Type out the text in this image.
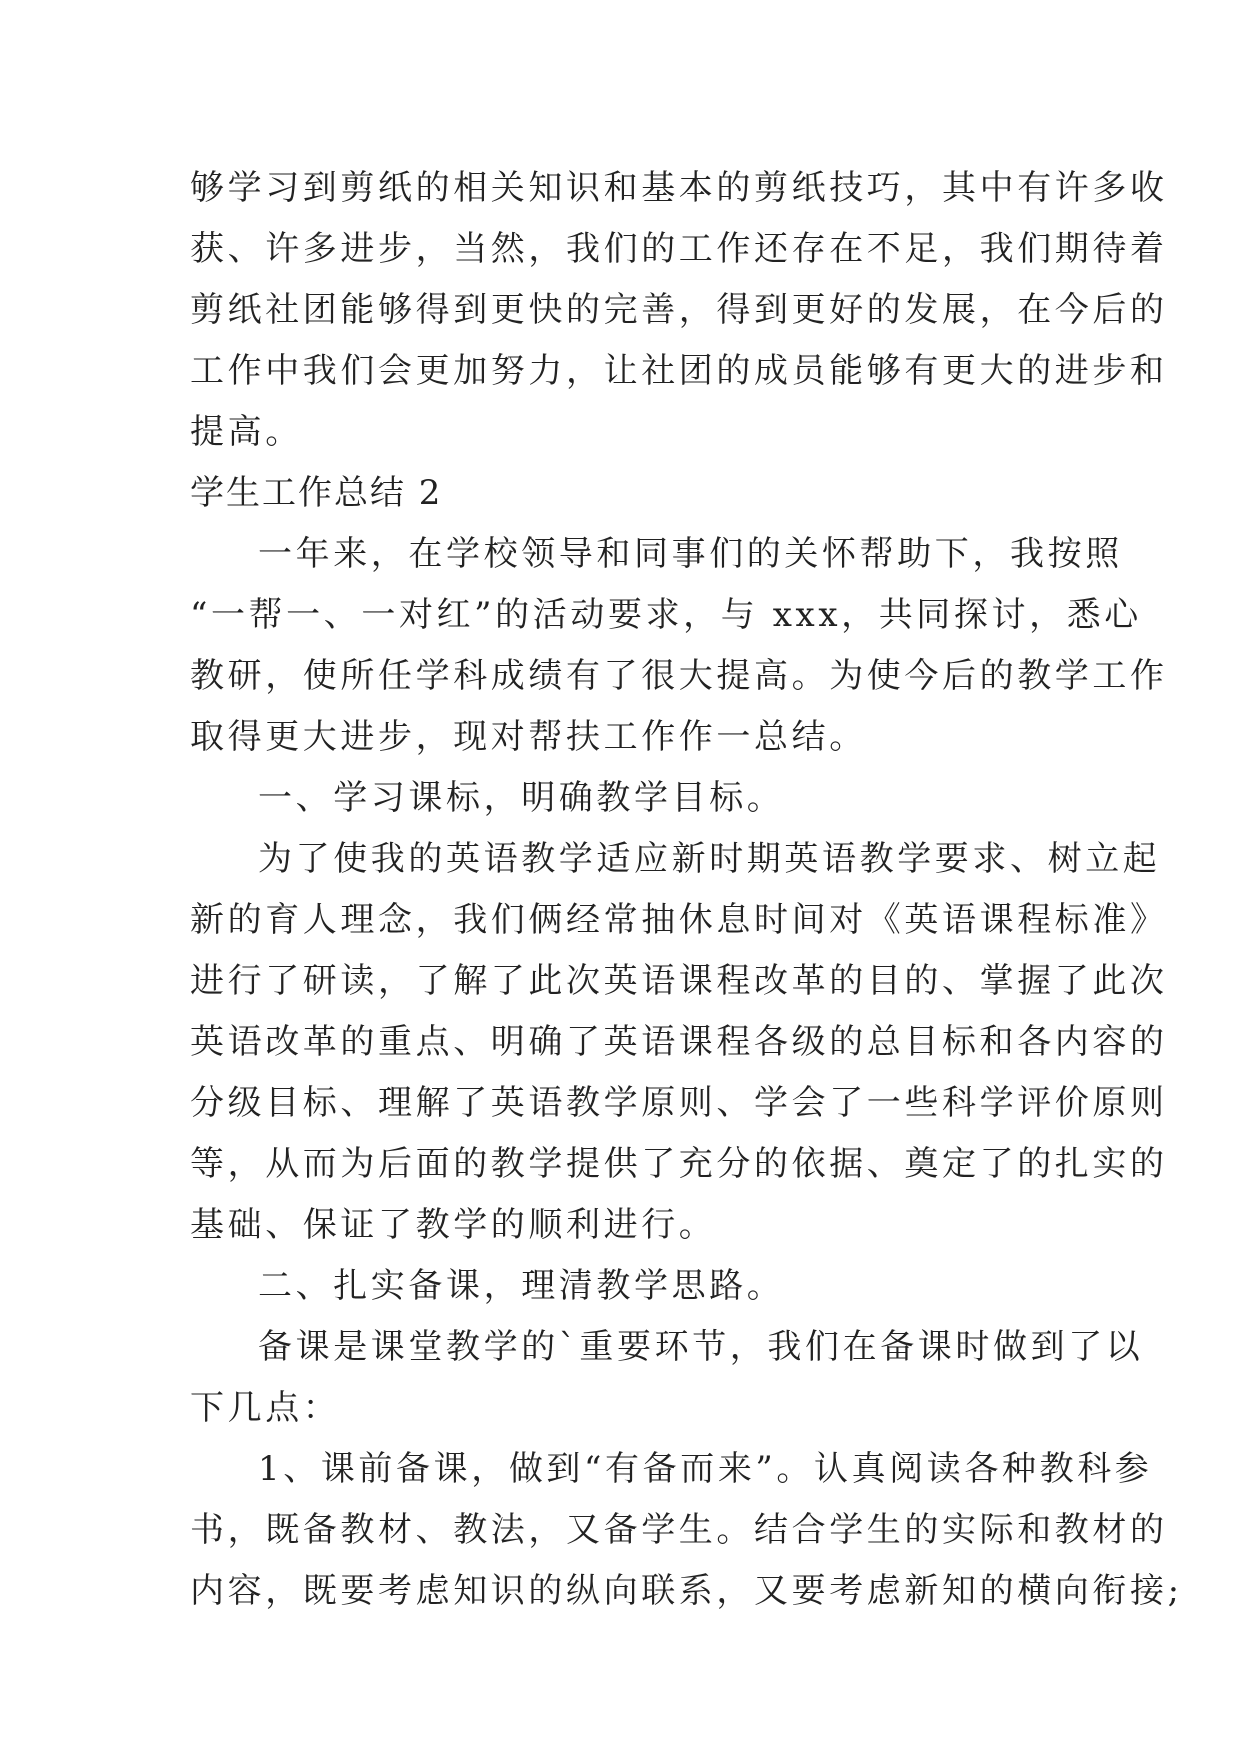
够学习到剪纸的相关知识和基本的剪纸技巧，其中有许多收
获、许多进步，当然，我们的工作还存在不足，我们期待着
剪纸社团能够得到更快的完善，得到更好的发展，在今后的
工作中我们会更加努力，让社团的成员能够有更大的进步和
提高。
学生工作总结 2
一年来，在学校领导和同事们的关怀帮助下，我按照
“一帮一、一对红”的活动要求，与 xxx，共同探讨，悉心
教研，使所任学科成绩有了很大提高。为使今后的教学工作
取得更大进步，现对帮扶工作作一总结。
一、学习课标，明确教学目标。
为了使我的英语教学适应新时期英语教学要求、树立起
新的育人理念，我们俩经常抽休息时间对《英语课程标准》
进行了研读，了解了此次英语课程改革的目的、掌握了此次
英语改革的重点、明确了英语课程各级的总目标和各内容的
分级目标、理解了英语教学原则、学会了一些科学评价原则
等，从而为后面的教学提供了充分的依据、奠定了的扎实的
基础、保证了教学的顺利进行。
二、扎实备课，理清教学思路。
备课是课堂教学的`重要环节，我们在备课时做到了以
下几点：
1、课前备课，做到“有备而来”。认真阅读各种教科参
书，既备教材、教法，又备学生。结合学生的实际和教材的
内容，既要考虑知识的纵向联系，又要考虑新知的横向衔接;
